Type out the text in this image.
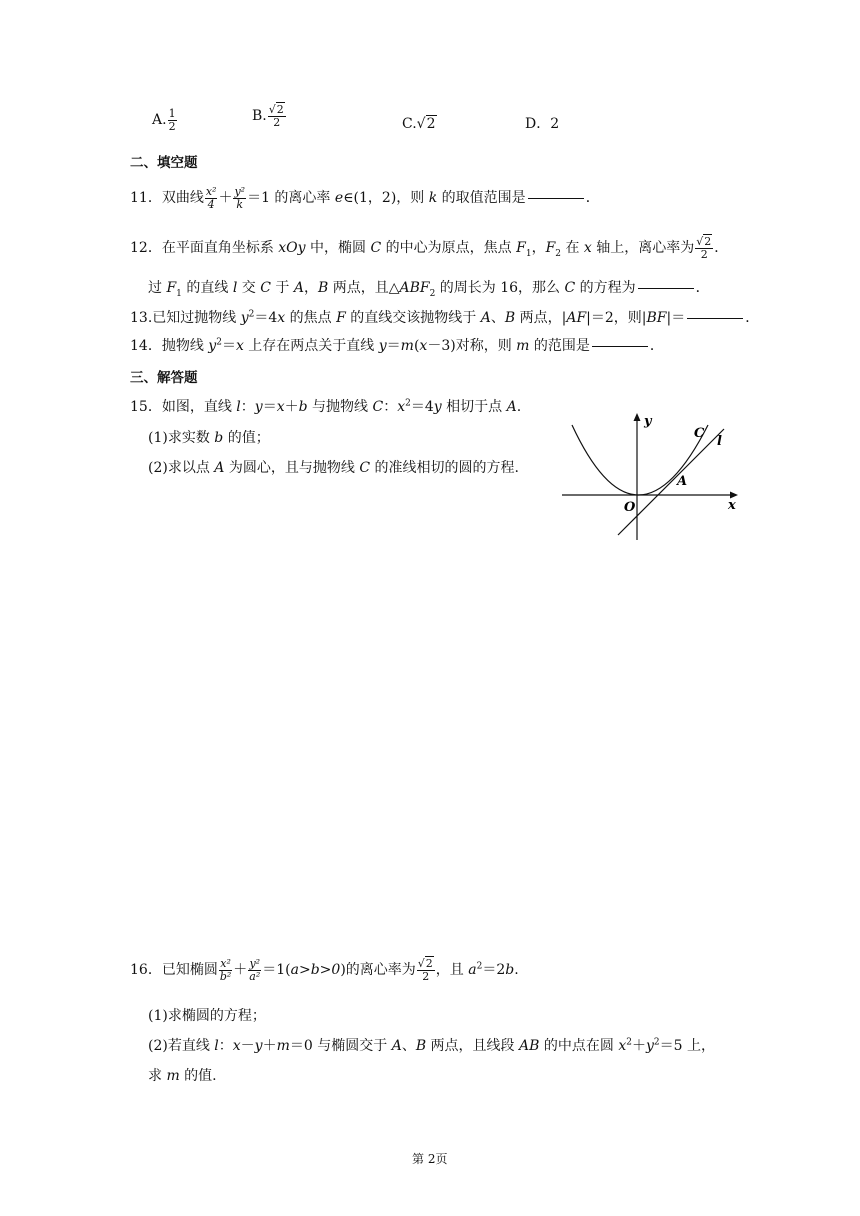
A. $\frac{1}{2}$	B. $\frac{√2}{2}$	C.√2	D．2
二、填空题
11．双曲线 $\frac{\text{x²}}{4} + \frac{\text{y²}}{k} =1$ 的离心率 e∈(1，2)，则 k 的取值范围是	．
12．在平面直角坐标系 xOy 中，椭圆 C 的中心为原点，焦点 $F_1$，$F_2$ 在 x 轴上，离心率为 $\frac{√2}{2}$ ．
过 $F_1$ 的直线 l 交 C 于 A，B 两点，且$\triangle ABF_2$ 的周长为 16，那么 C 的方程为	．
13.已知过抛物线 $y^2=4x$ 的焦点 F 的直线交该抛物线于 A、B 两点，|AF|＝2，则|BF|＝	．
14．抛物线 $y^2=x$ 上存在两点关于直线 y＝m(x－3)对称，则 m 的范围是	．
三、解答题
15．如图，直线 l：y＝x＋b 与抛物线 C：$x^2=4y$ 相切于点 A.
(1)求实数 b 的值；
(2)求以点 A 为圆心，且与抛物线 C 的准线相切的圆的方程.
y
x
O
A
C
l
16．已知椭圆 $\frac{\text{x²}}{\text{b²}} + \frac{\text{y²}}{\text{a²}} =1(a>b>0)$的离心率为 $\frac{√2}{2}$ ，且 $a^2=2b$.
(1)求椭圆的方程；
(2)若直线 l：x－y＋m＝0 与椭圆交于 A、B 两点，且线段 AB 的中点在圆 $x^2+y^2=5$ 上，
求 m 的值.
第 2页
